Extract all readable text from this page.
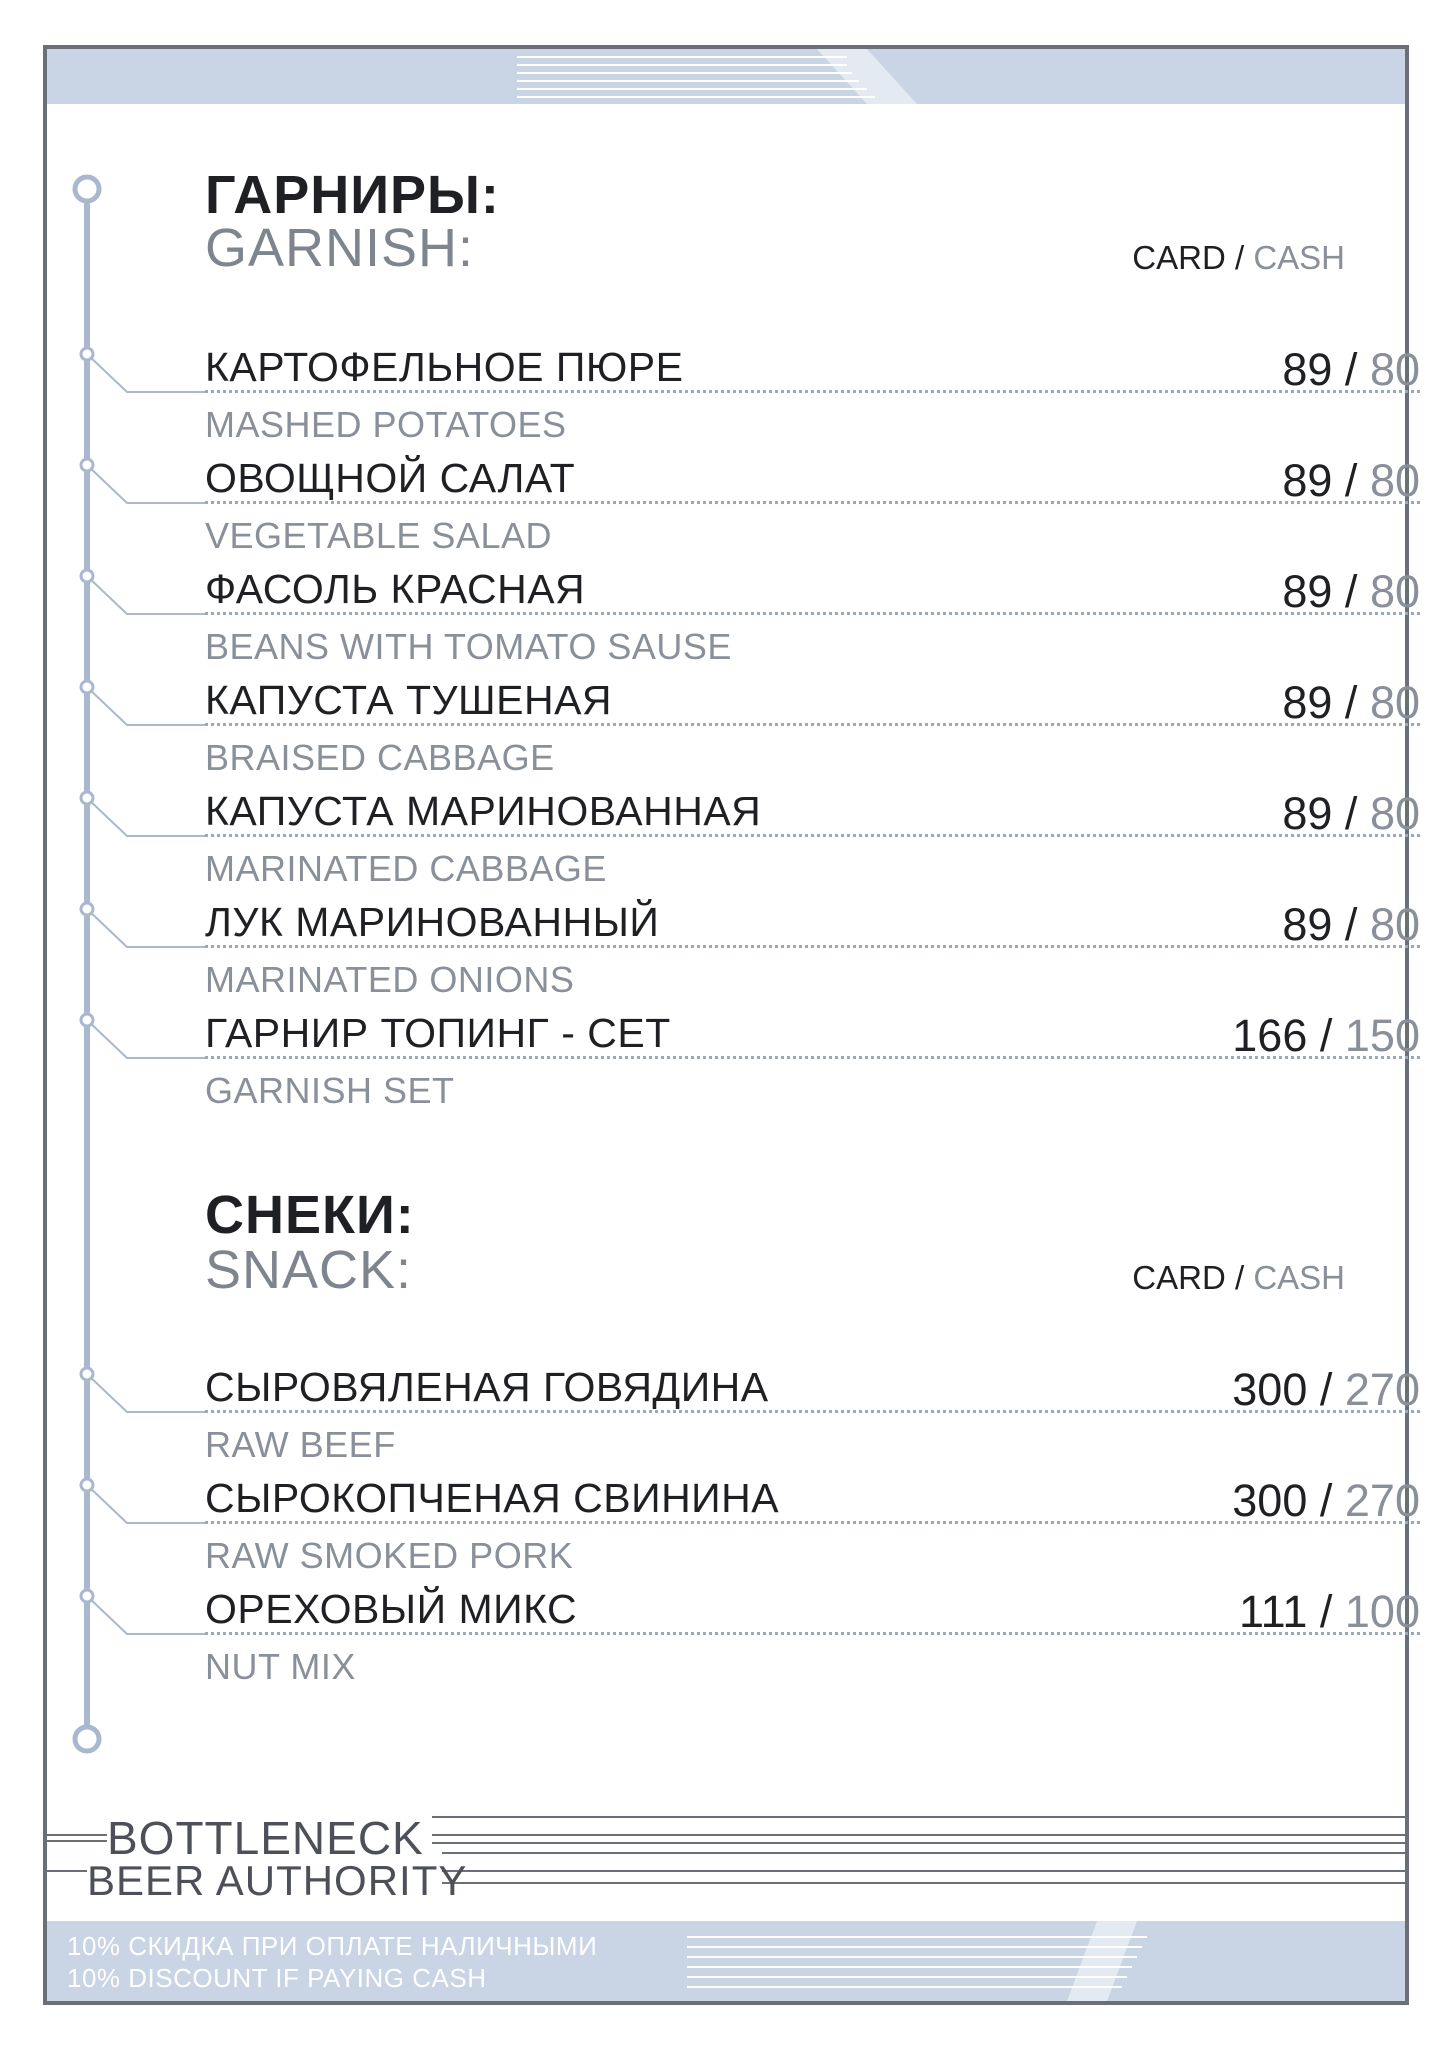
ГАРНИРЫ:
GARNISH:	CARD / CASH
КАРТОФЕЛЬНОЕ ПЮРЕ
MASHED POTATOES
89 / 80
ОВОЩНОЙ САЛАТ
VEGETABLE SALAD
89 / 80
ФАСОЛЬ КРАСНАЯ
BEANS WITH TOMATO SAUSE
89 / 80
КАПУСТА ТУШЕНАЯ
BRAISED CABBAGE
89 / 80
КАПУСТА МАРИНОВАННАЯ
MARINATED CABBAGE
89 / 80
ЛУК МАРИНОВАННЫЙ
MARINATED ONIONS
89 / 80
ГАРНИР ТОПИНГ - СЕТ
GARNISH SET
166 / 150
СНЕКИ:
SNACK:	CARD / CASH
СЫРОВЯЛЕНАЯ ГОВЯДИНА
RAW BEEF
300 / 270
СЫРОКОПЧЕНАЯ СВИНИНА
RAW SMOKED PORK
300 / 270
ОРЕХОВЫЙ МИКС
NUT MIX
111 / 100
BOTTLENECK
BEER AUTHORITY
10% СКИДКА ПРИ ОПЛАТЕ НАЛИЧНЫМИ
10% DISCOUNT IF PAYING CASH
